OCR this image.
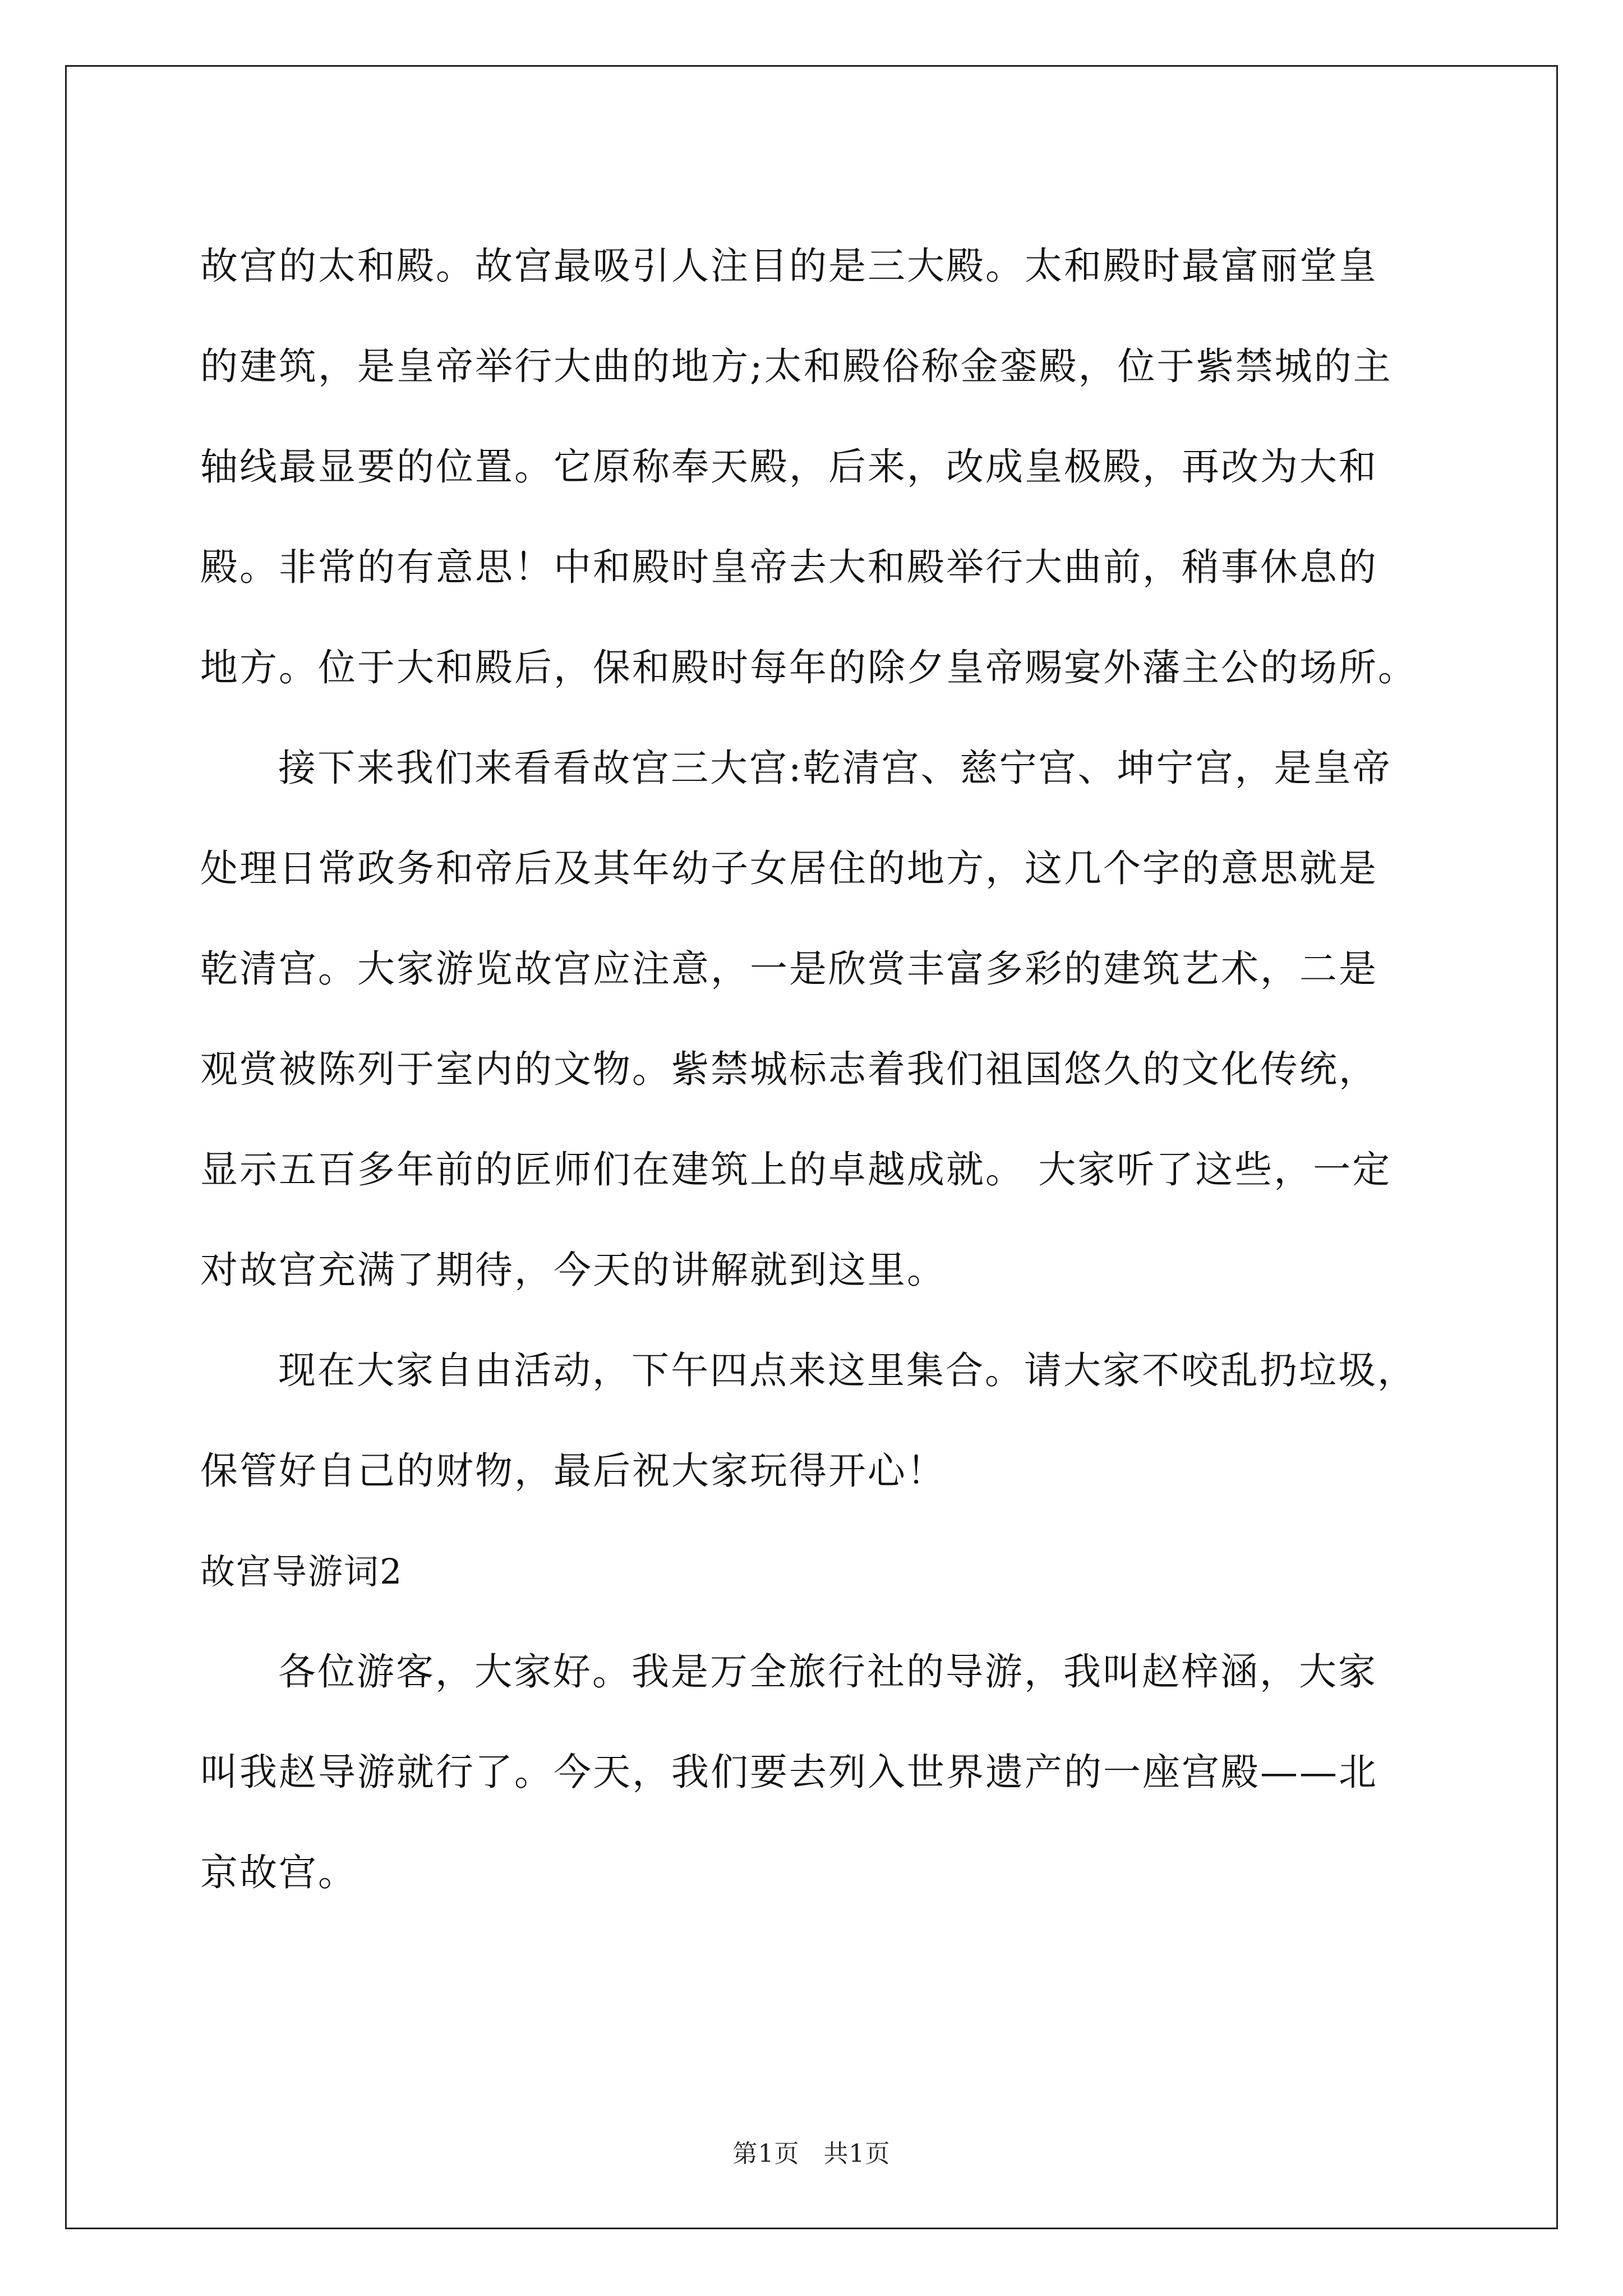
故宫的太和殿。故宫最吸引人注目的是三大殿。太和殿时最富丽堂皇
的建筑，是皇帝举行大曲的地方;太和殿俗称金銮殿，位于紫禁城的主
轴线最显要的位置。它原称奉天殿，后来，改成皇极殿，再改为大和
殿。非常的有意思！中和殿时皇帝去大和殿举行大曲前，稍事休息的
地方。位于大和殿后，保和殿时每年的除夕皇帝赐宴外藩主公的场所。

接下来我们来看看故宫三大宫:乾清宫、慈宁宫、坤宁宫，是皇帝
处理日常政务和帝后及其年幼子女居住的地方，这几个字的意思就是
乾清宫。大家游览故宫应注意，一是欣赏丰富多彩的建筑艺术，二是
观赏被陈列于室内的文物。紫禁城标志着我们祖国悠久的文化传统，
显示五百多年前的匠师们在建筑上的卓越成就。 大家听了这些，一定
对故宫充满了期待，今天的讲解就到这里。

现在大家自由活动，下午四点来这里集合。请大家不咬乱扔垃圾，
保管好自己的财物，最后祝大家玩得开心！

故宫导游词2

各位游客，大家好。我是万全旅行社的导游，我叫赵梓涵，大家
叫我赵导游就行了。今天，我们要去列入世界遗产的一座宫殿——北
京故宫。

第1页 共1页
